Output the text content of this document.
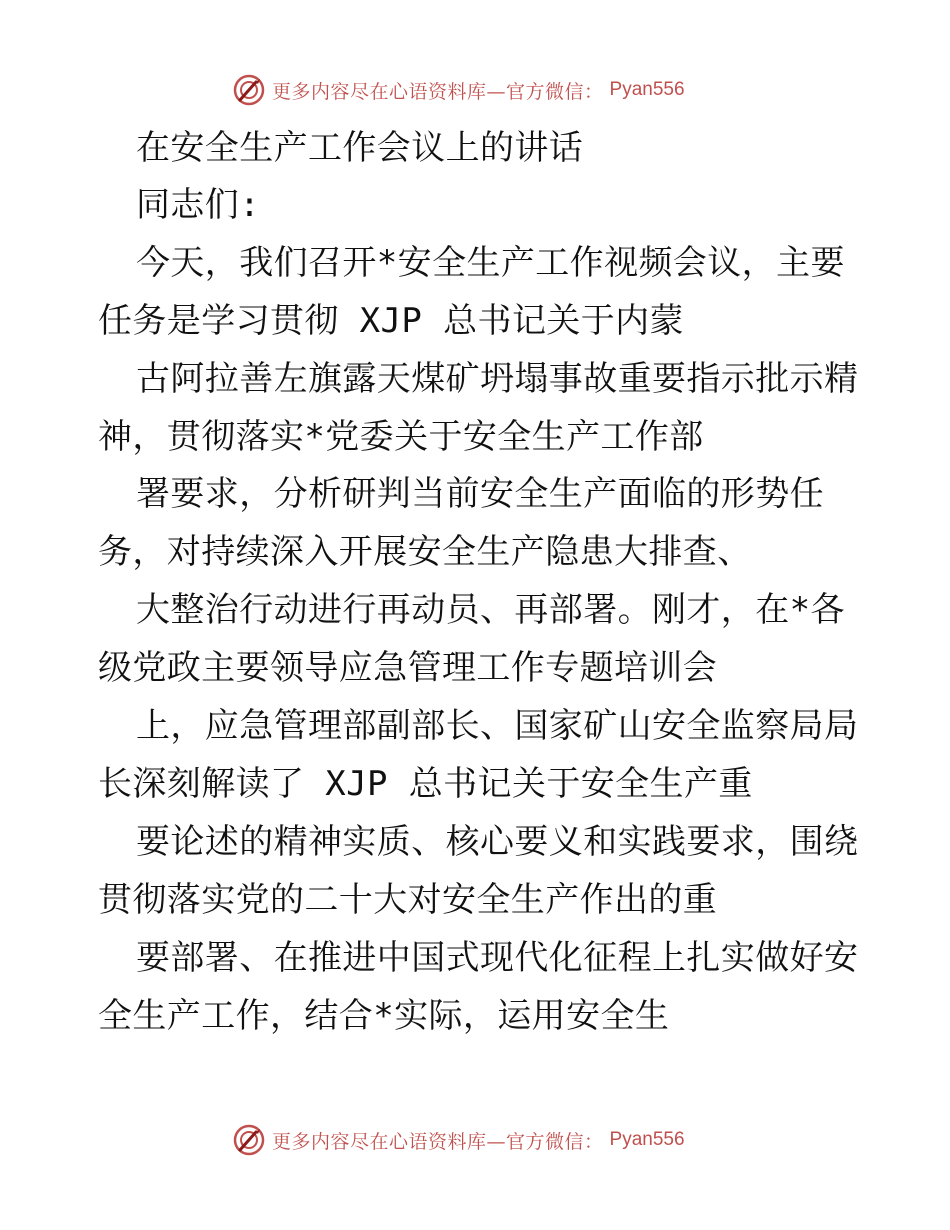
更多内容尽在心语资料库—官方微信： Pyan556
在安全生产工作会议上的讲话
同志们:
今天，我们召开*安全生产工作视频会议，主要
任务是学习贯彻 XJP 总书记关于内蒙
古阿拉善左旗露天煤矿坍塌事故重要指示批示精
神，贯彻落实*党委关于安全生产工作部
署要求，分析研判当前安全生产面临的形势任
务，对持续深入开展安全生产隐患大排查、
大整治行动进行再动员、再部署。刚才，在*各
级党政主要领导应急管理工作专题培训会
上，应急管理部副部长、国家矿山安全监察局局
长深刻解读了 XJP 总书记关于安全生产重
要论述的精神实质、核心要义和实践要求，围绕
贯彻落实党的二十大对安全生产作出的重
要部署、在推进中国式现代化征程上扎实做好安
全生产工作，结合*实际，运用安全生
更多内容尽在心语资料库—官方微信： Pyan556
